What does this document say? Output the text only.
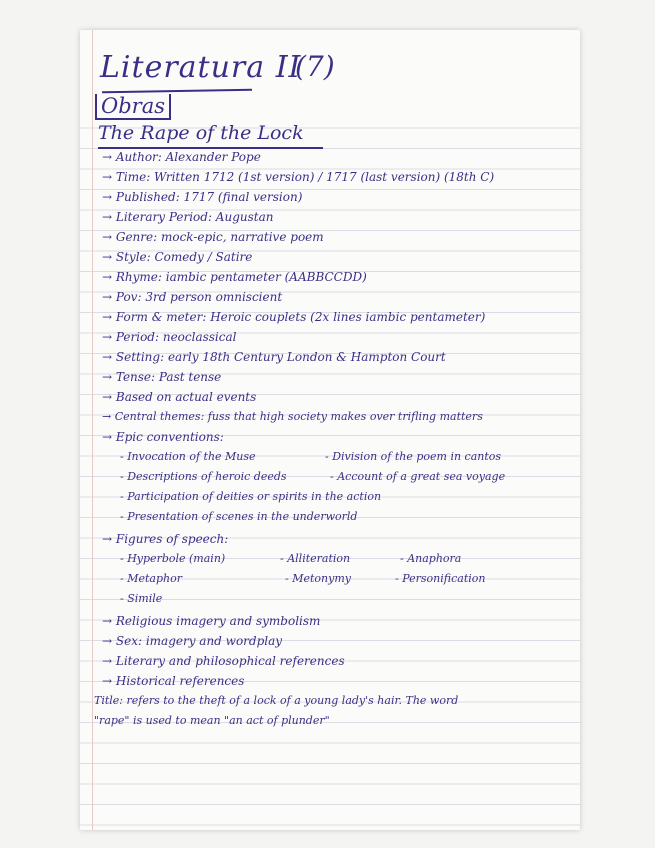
Literatura II
(7)
Obras
The Rape of the Lock
→ Author: Alexander Pope
→ Time: Written 1712 (1st version) / 1717 (last version) (18th C)
→ Published: 1717 (final version)
→ Literary Period: Augustan
→ Genre: mock-epic, narrative poem
→ Style: Comedy / Satire
→ Rhyme: iambic pentameter (AABBCCDD)
→ Pov: 3rd person omniscient
→ Form & meter: Heroic couplets (2x lines iambic pentameter)
→ Period: neoclassical
→ Setting: early 18th Century London & Hampton Court
→ Tense: Past tense
→ Based on actual events
→ Central themes: fuss that high society makes over trifling matters
→ Epic conventions:
- Invocation of the Muse	- Division of the poem in cantos
- Descriptions of heroic deeds	- Account of a great sea voyage
- Participation of deities or spirits in the action
- Presentation of scenes in the underworld
→ Figures of speech:
- Hyperbole (main)	- Alliteration	- Anaphora
- Metaphor	- Metonymy	- Personification
- Simile
→ Religious imagery and symbolism
→ Sex: imagery and wordplay
→ Literary and philosophical references
→ Historical references
Title: refers to the theft of a lock of a young lady's hair. The word
"rape" is used to mean "an act of plunder"
